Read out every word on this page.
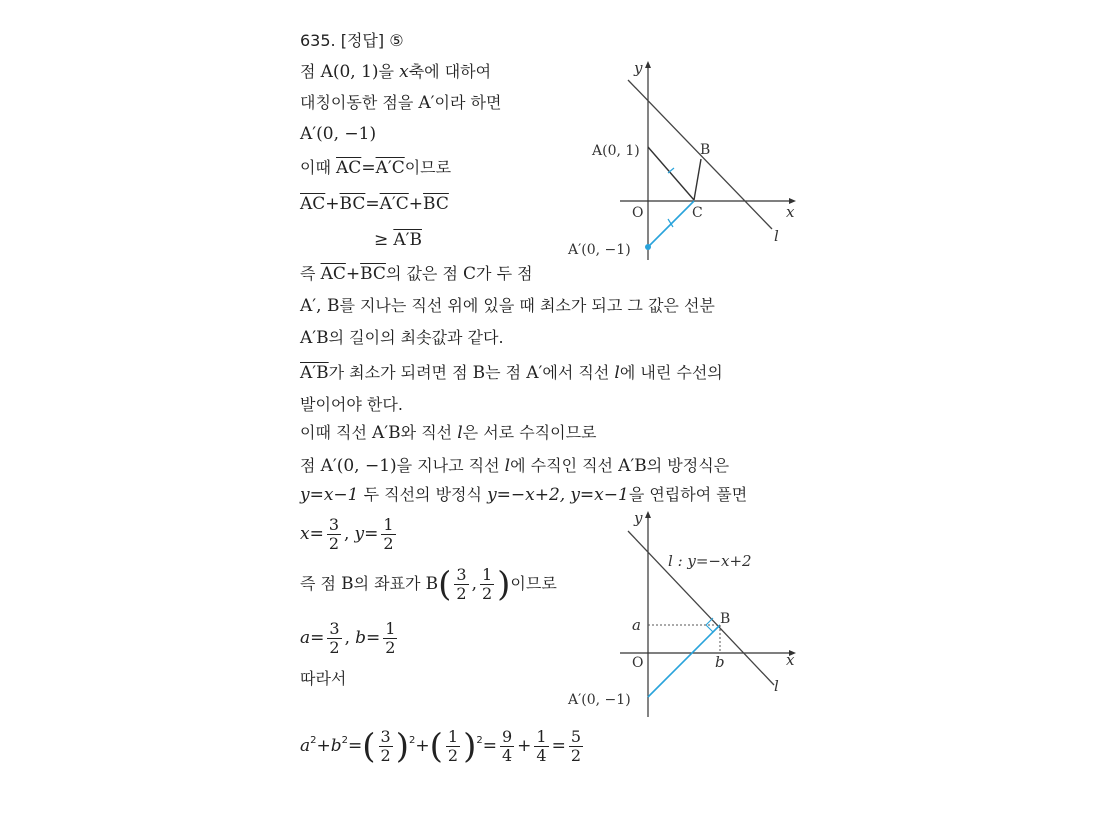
635. [정답] ⑤
점 A(0, 1)을 x축에 대하여
대칭이동한 점을 A′이라 하면
A′(0, −1)
이때 $\overline{AC}=A'C$이므로
$\overline{AC}+\overline{BC}=A'C+\overline{BC}$
≥ A′B
즉 $\overline{AC}+\overline{BC}$의 값은 점 C가 두 점
A′, B를 지나는 직선 위에 있을 때 최소가 되고 그 값은 선분
A′B의 길이의 최솟값과 같다.
A′B가 최소가 되려면 점 B는 점 A′에서 직선 l에 내린 수선의
발이어야 한다.
이때 직선 A′B와 직선 l은 서로 수직이므로
점 A′(0, −1)을 지나고 직선 l에 수직인 직선 A′B의 방정식은
y=x−1 두 직선의 방정식 y=−x+2, y=x−1을 연립하여 풀면
$x= \frac{3}{2}$ , $y= \frac{1}{2}$
즉 점 B의 좌표가 $B( \frac{3}{2}$ , $\frac{1}{2}$ )이므로
$a= \frac{3}{2}$ , $b= \frac{1}{2}$
따라서
$a^2+b^2=( \frac{3}{2} )^2+( \frac{1}{2} )^2= \frac{9}{4} + \frac{1}{4} = \frac{5}{2}$
y
x
O
A(0, 1)	B
C
A′(0, −1)
l
y
x
O
l : y=−x+2
B
a
b
A′(0, −1)
l
